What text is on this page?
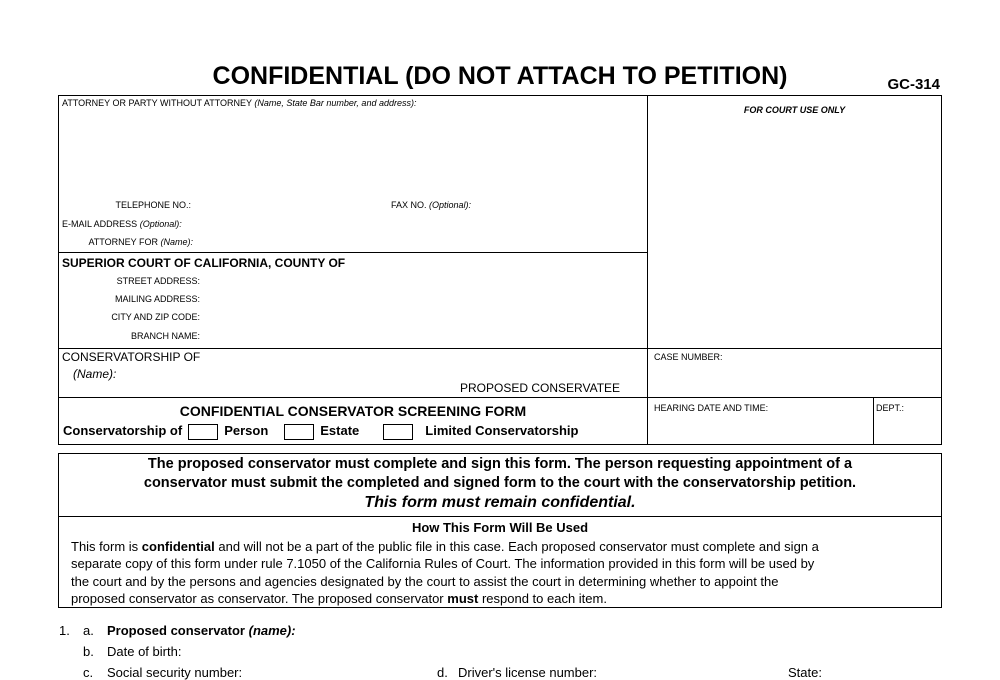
CONFIDENTIAL (DO NOT ATTACH TO PETITION)	GC-314
ATTORNEY OR PARTY WITHOUT ATTORNEY (Name, State Bar number, and address):
TELEPHONE NO.:	FAX NO. (Optional):
E-MAIL ADDRESS (Optional):
ATTORNEY FOR (Name):
FOR COURT USE ONLY
SUPERIOR COURT OF CALIFORNIA, COUNTY OF
STREET ADDRESS:
MAILING ADDRESS:
CITY AND ZIP CODE:
BRANCH NAME:
CONSERVATORSHIP OF
(Name):
PROPOSED CONSERVATEE
CASE NUMBER:
HEARING DATE AND TIME:	DEPT.:
CONFIDENTIAL CONSERVATOR SCREENING FORM
Conservatorship of	Person	Estate	Limited Conservatorship
The proposed conservator must complete and sign this form. The person requesting appointment of a
conservator must submit the completed and signed form to the court with the conservatorship petition.
This form must remain confidential.
How This Form Will Be Used
This form is confidential and will not be a part of the public file in this case. Each proposed conservator must complete and sign a
separate copy of this form under rule 7.1050 of the California Rules of Court. The information provided in this form will be used by
the court and by the persons and agencies designated by the court to assist the court in determining whether to appoint the
proposed conservator as conservator. The proposed conservator must respond to each item.
1. a. Proposed conservator (name):
b. Date of birth:
c. Social security number:	d. Driver's license number:	State:
